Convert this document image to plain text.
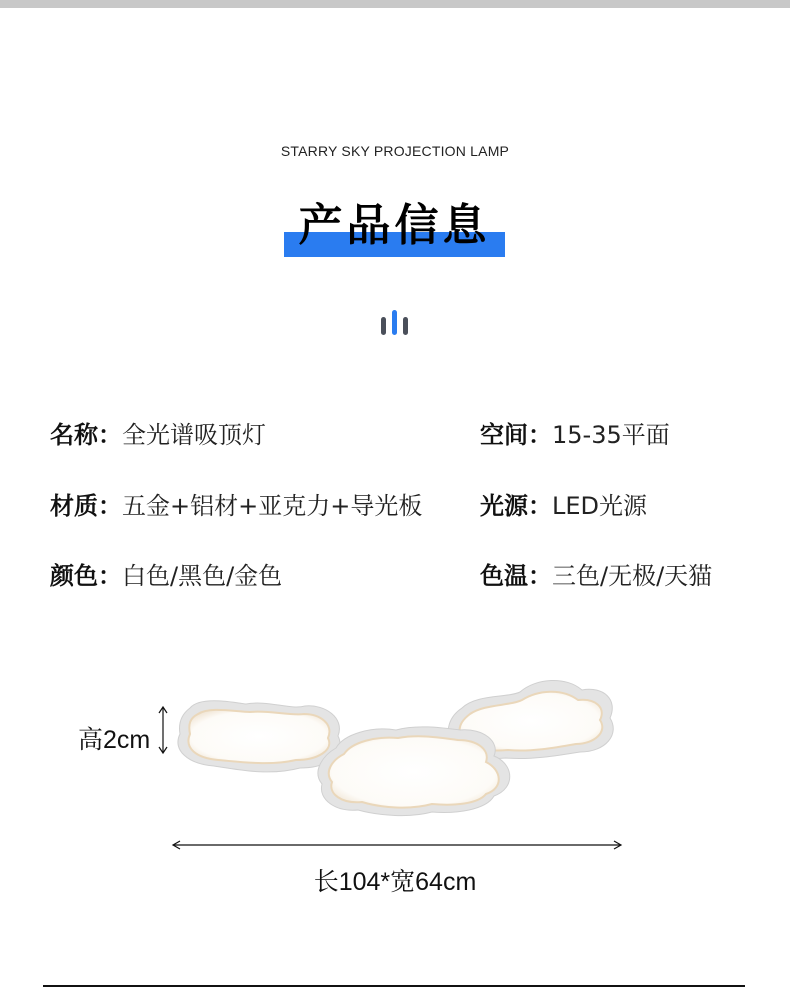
STARRY SKY PROJECTION LAMP
产品信息
名称：全光谱吸顶灯	空间：15-35平面
材质：五金+铝材+亚克力+导光板 光源：LED光源
颜色：白色/黑色/金色	色温：三色/无极/天猫
高2cm
长104*宽64cm
